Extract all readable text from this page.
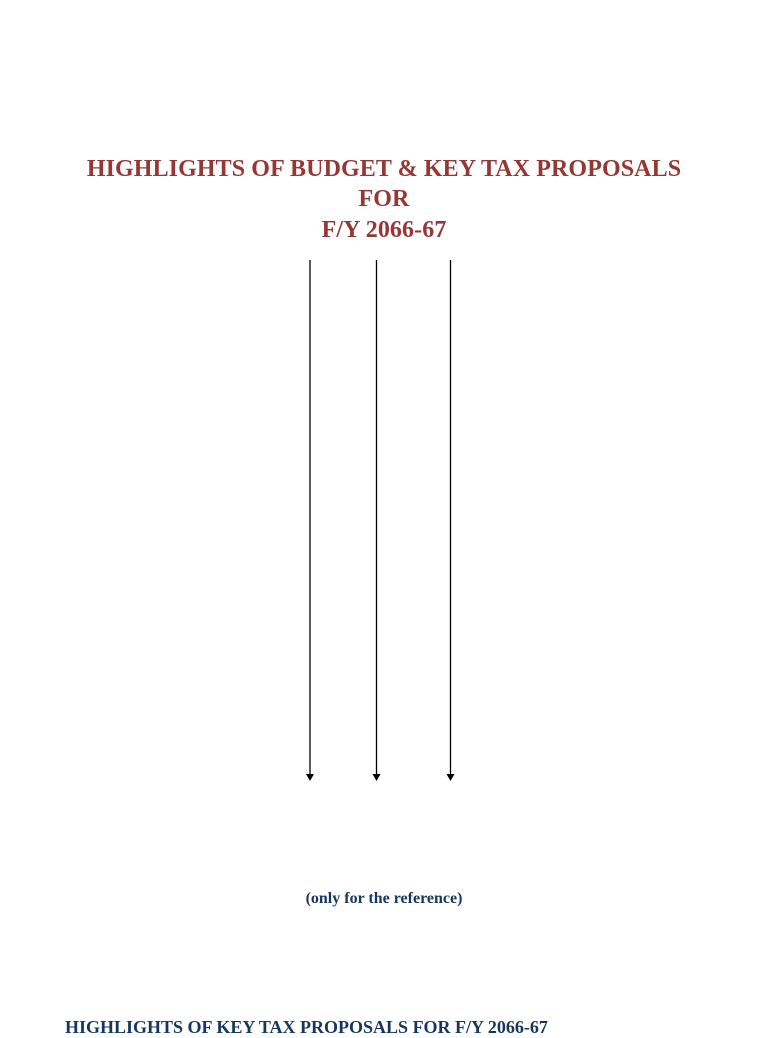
HIGHLIGHTS OF BUDGET & KEY TAX PROPOSALS
FOR
F/Y 2066-67
(only for the reference)
HIGHLIGHTS OF KEY TAX PROPOSALS FOR F/Y 2066-67
